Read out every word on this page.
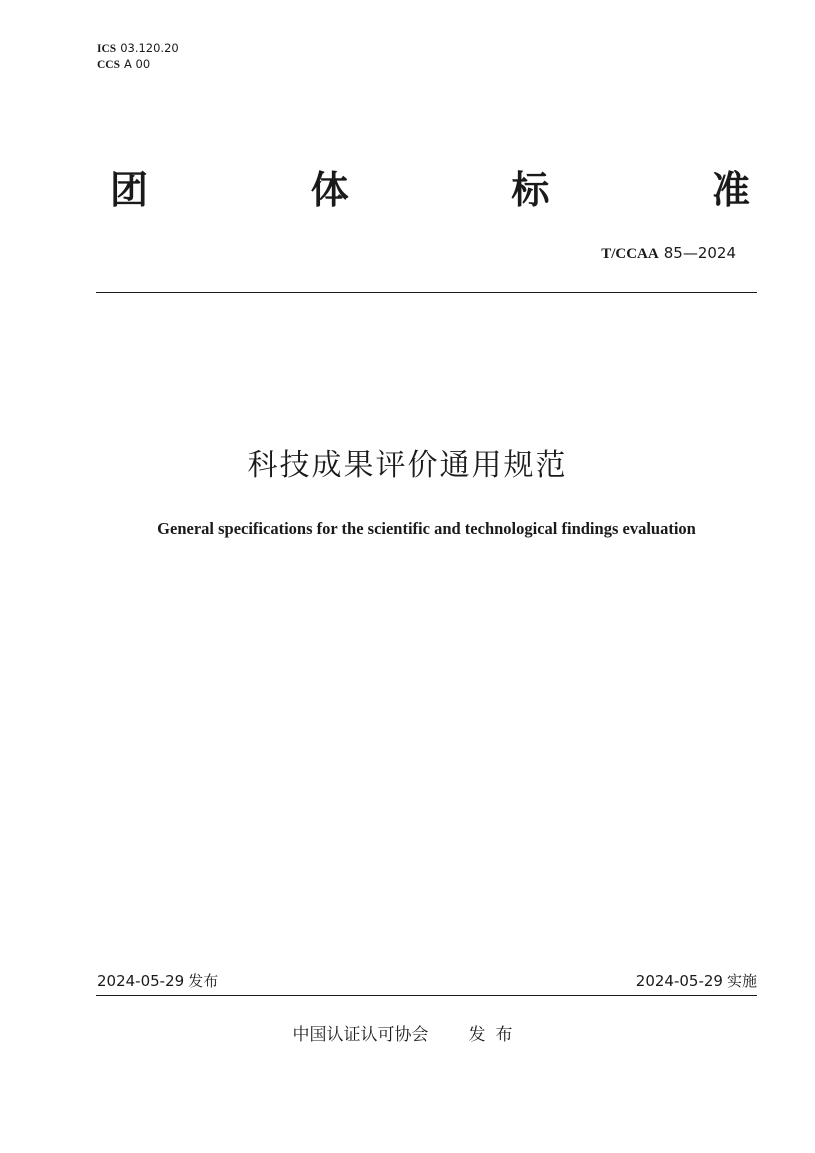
ICS 03.120.20
CCS A 00
团	体	标	准
T/CCAA 85—2024
科技成果评价通用规范
General specifications for the scientific and technological findings evaluation
2024-05-29 发布	2024-05-29 实施
中国认证认可协会 发布
